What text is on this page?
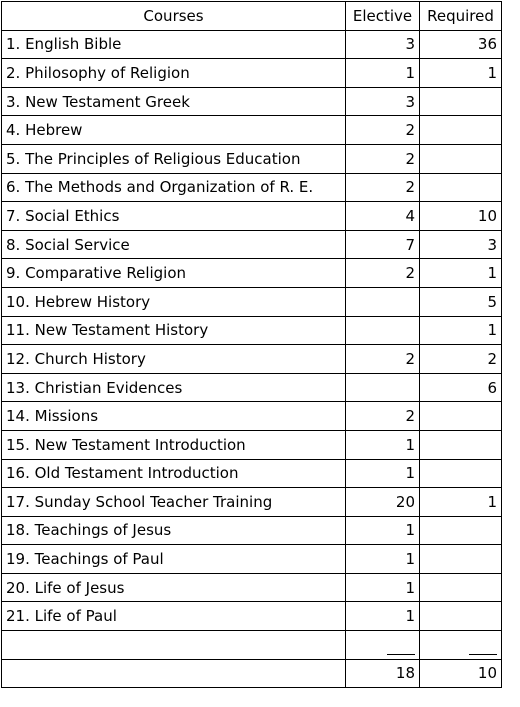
Courses	Elective	Required
1. English Bible	3	36
2. Philosophy of Religion	1	1
3. New Testament Greek	3	
4. Hebrew	2	
5. The Principles of Religious Education	2	
6. The Methods and Organization of R. E.	2	
7. Social Ethics	4	10
8. Social Service	7	3
9. Comparative Religion	2	1
10. Hebrew History		5
11. New Testament History		1
12. Church History	2	2
13. Christian Evidences		6
14. Missions	2	
15. New Testament Introduction	1	
16. Old Testament Introduction	1	
17. Sunday School Teacher Training	20	1
18. Teachings of Jesus	1	
19. Teachings of Paul	1	
20. Life of Jesus	1	
21. Life of Paul	1	

	18	10
